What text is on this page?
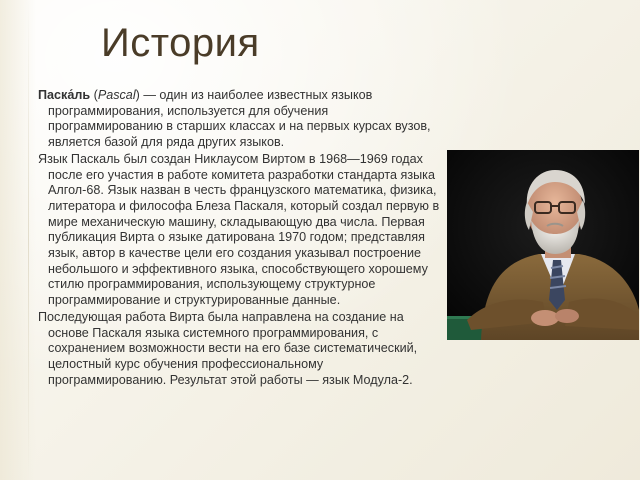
История

Паска́ль (Pascal) — один из наиболее известных языков программирования, используется для обучения программированию в старших классах и на первых курсах вузов, является базой для ряда других языков.

Язык Паскаль был создан Никлаусом Виртом в 1968—1969 годах после его участия в работе комитета разработки стандарта языка Алгол-68. Язык назван в честь французского математика, физика, литератора и философа Блеза Паскаля, который создал первую в мире механическую машину, складывающую два числа. Первая публикация Вирта о языке датирована 1970 годом; представляя язык, автор в качестве цели его создания указывал построение небольшого и эффективного языка, способствующего хорошему стилю программирования, использующему структурное программирование и структурированные данные.

Последующая работа Вирта была направлена на создание на основе Паскаля языка системного программирования, с сохранением возможности вести на его базе систематический, целостный курс обучения профессиональному программированию. Результат этой работы — язык Модула-2.
